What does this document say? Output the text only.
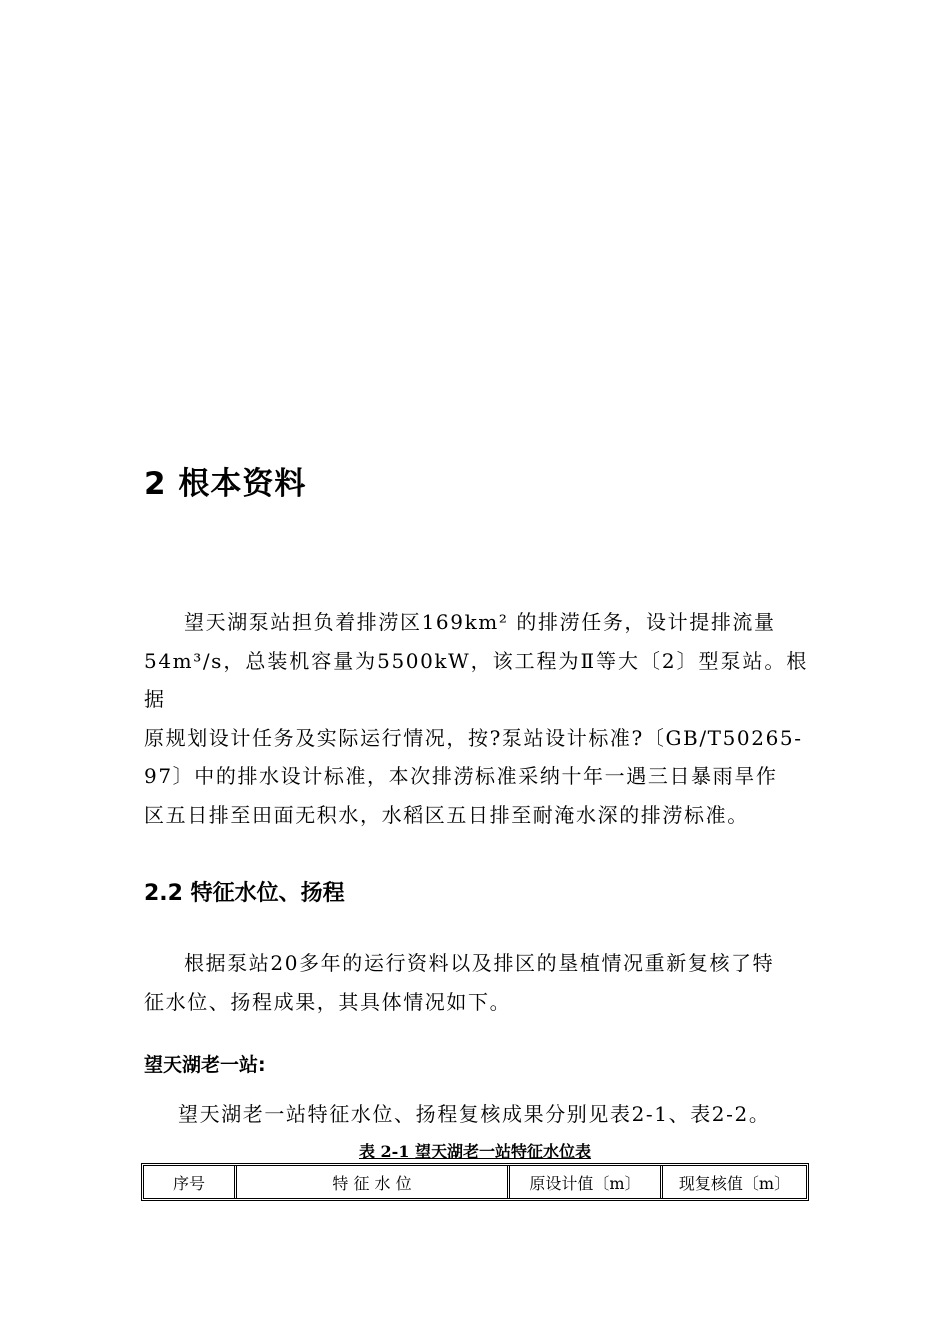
2 根本资料

望天湖泵站担负着排涝区169km² 的排涝任务，设计提排流量

54m³/s，总装机容量为5500kW，该工程为Ⅱ等大〔2〕型泵站。根据

原规划设计任务及实际运行情况，按?泵站设计标准?〔GB/T50265-

97〕中的排水设计标准，本次排涝标准采纳十年一遇三日暴雨旱作

区五日排至田面无积水，水稻区五日排至耐淹水深的排涝标准。

2.2 特征水位、扬程

根据泵站20多年的运行资料以及排区的垦植情况重新复核了特

征水位、扬程成果，其具体情况如下。

望天湖老一站:
望天湖老一站特征水位、扬程复核成果分别见表2-1、表2-2。
表 2-1 望天湖老一站特征水位表
序号	特 征 水 位	原设计值〔m〕	现复核值〔m〕
